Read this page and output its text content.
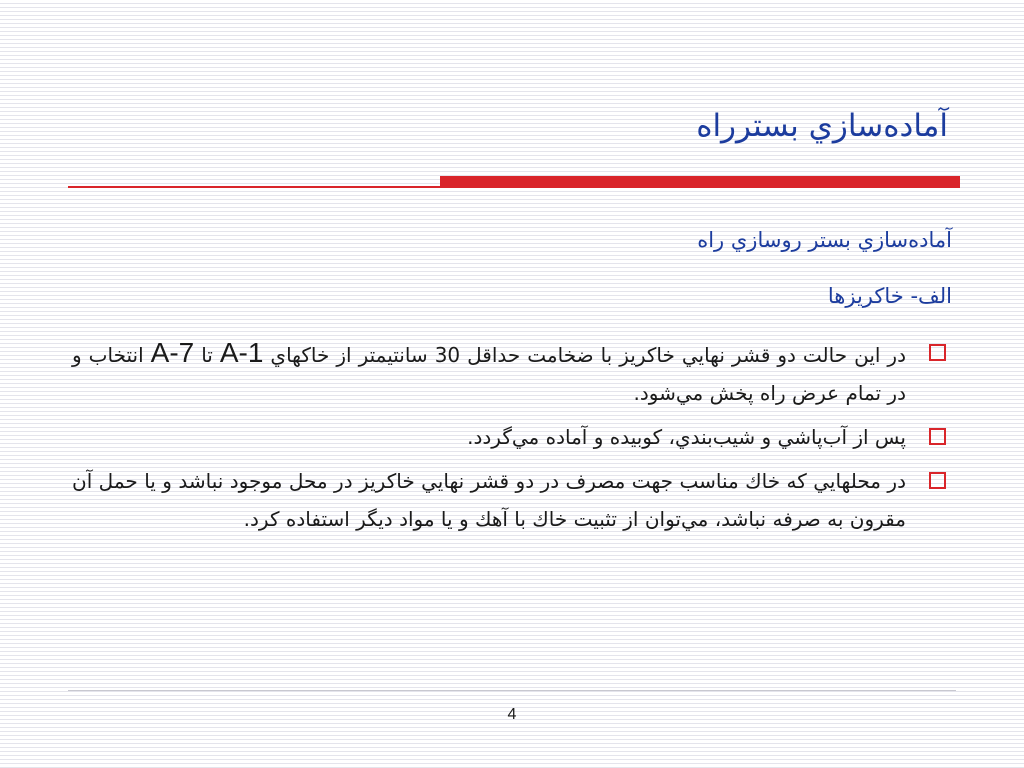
آماده‌سازي بستر‌راه
آماده‌سازي بستر روسازي راه
الف- خاكريزها
در اين حالت دو قشر نهايي خاكريز با ضخامت حداقل 30 سانتيمتر از خاكهاي A-1 تا A-7 انتخاب و در تمام عرض راه پخش مي‌شود.
پس از آب‌پاشي و شيب‌بندي، كوبيده و آماده مي‌گردد.
در محلهايي كه خاك مناسب جهت مصرف در دو قشر نهايي خاكريز در محل موجود نباشد و يا حمل آن مقرون به صرفه نباشد، مي‌توان از تثبيت خاك با آهك و يا مواد ديگر استفاده كرد.
4
